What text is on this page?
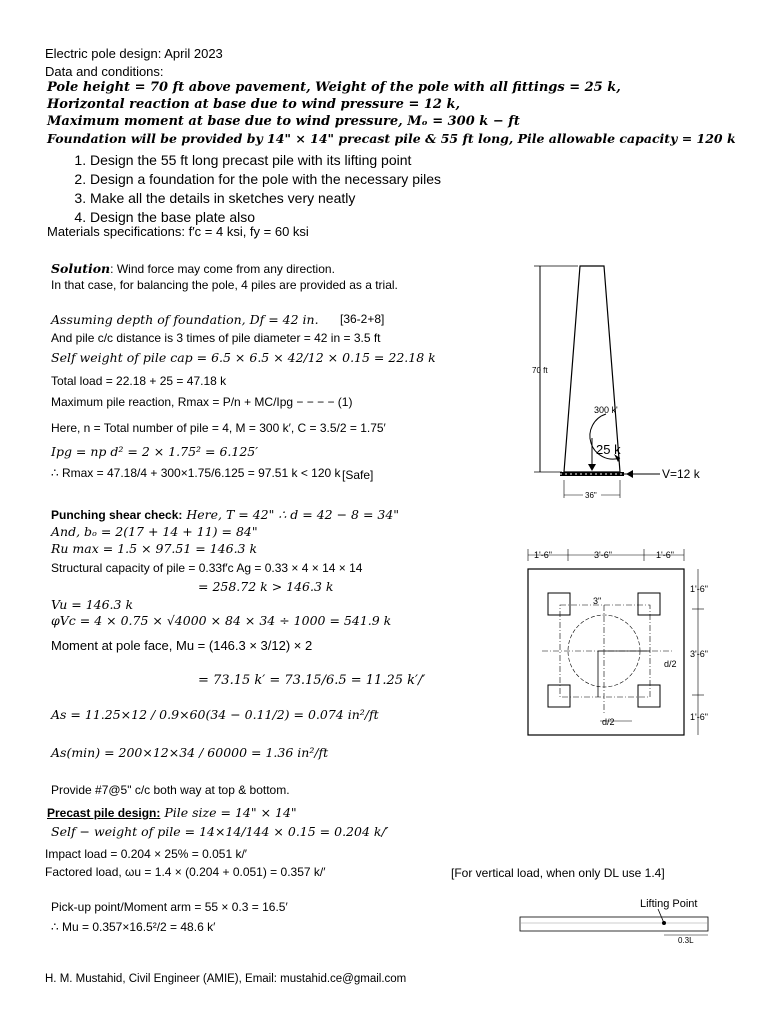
Electric pole design: April 2023
Data and conditions:
Pole height = 70 ft above pavement, Weight of the pole with all fittings = 25 k,
Horizontal reaction at base due to wind pressure = 12 k,
Maximum moment at base due to wind pressure, Mₒ = 300 k − ft
Foundation will be provided by 14" × 14" precast pile & 55 ft long, Pile allowable capacity = 120 k
1. Design the 55 ft long precast pile with its lifting point
2. Design a foundation for the pole with the necessary piles
3. Make all the details in sketches very neatly
4. Design the base plate also
Materials specifications: f′c = 4 ksi, fy = 60 ksi
Solution: Wind force may come from any direction.
In that case, for balancing the pole, 4 piles are provided as a trial.
Assuming depth of foundation, Df = 42 in. [36-2+8]
And pile c/c distance is 3 times of pile diameter = 42 in = 3.5 ft
Self weight of pile cap = 6.5 × 6.5 × 42/12 × 0.15 = 22.18 k
Total load = 22.18 + 25 = 47.18 k
Maximum pile reaction, Rmax = P/n + MC/Ipg − − − − (1)
Here, n = Total number of pile = 4, M = 300 k′, C = 3.5/2 = 1.75′
Ipg = np d² = 2 × 1.75² = 6.125′
∴ Rmax = 47.18/4 + 300×1.75/6.125 = 97.51 k < 120 k [Safe]
Punching shear check: Here, T = 42" ∴ d = 42 − 8 = 34"
And, bₒ = 2(17 + 14 + 11) = 84"
Ru max = 1.5 × 97.51 = 146.3 k
Structural capacity of pile = 0.33f′c Ag = 0.33 × 4 × 14 × 14
= 258.72 k > 146.3 k
Vu = 146.3 k
φVc = 4 × 0.75 × √4000 × 84 × 34 ÷ 1000 = 541.9 k
Moment at pole face, Mu = (146.3 × 3/12) × 2
= 73.15 k′ = 73.15/6.5 = 11.25 k′/′
As = 11.25×12 / 0.9×60(34 − 0.11/2) = 0.074 in²/ft
As(min) = 200×12×34 / 60000 = 1.36 in²/ft
Provide #7@5" c/c both way at top & bottom.
Precast pile design: Pile size = 14" × 14"
Self − weight of pile = 14×14/144 × 0.15 = 0.204 k/′
Impact load = 0.204 × 25% = 0.051 k/′
Factored load, ωu = 1.4 × (0.204 + 0.051) = 0.357 k/′	[For vertical load, when only DL use 1.4]
Pick-up point/Moment arm = 55 × 0.3 = 16.5′
∴ Mu = 0.357×16.5²/2 = 48.6 k′
70 ft
300 k'
25 k
V=12 k
36"
1'-6"	3'-6"	1'-6"
1'-6"
3'-6"
1'-6"
3"
d/2
d/2
Lifting Point
0.3L
H. M. Mustahid, Civil Engineer (AMIE), Email: mustahid.ce@gmail.com
